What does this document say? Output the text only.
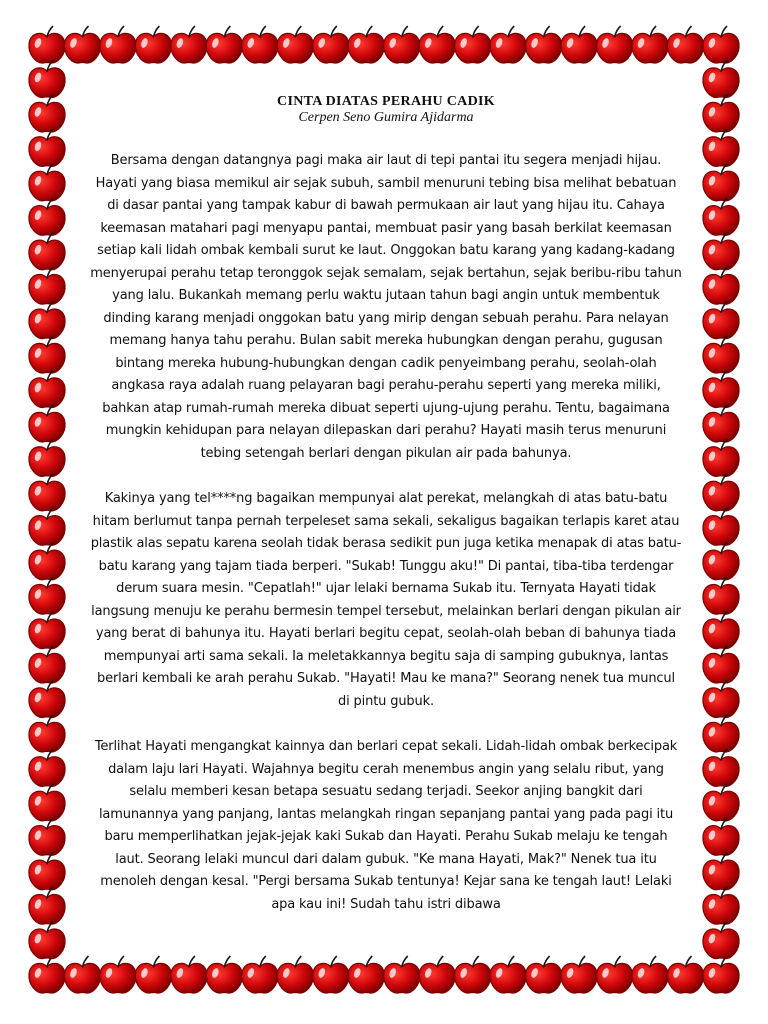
CINTA DIATAS PERAHU CADIK

Cerpen Seno Gumira Ajidarma

Bersama dengan datangnya pagi maka air laut di tepi pantai itu segera menjadi hijau. Hayati yang biasa memikul air sejak subuh, sambil menuruni tebing bisa melihat bebatuan di dasar pantai yang tampak kabur di bawah permukaan air laut yang hijau itu. Cahaya keemasan matahari pagi menyapu pantai, membuat pasir yang basah berkilat keemasan setiap kali lidah ombak kembali surut ke laut. Onggokan batu karang yang kadang-kadang menyerupai perahu tetap teronggok sejak semalam, sejak bertahun, sejak beribu-ribu tahun yang lalu. Bukankah memang perlu waktu jutaan tahun bagi angin untuk membentuk dinding karang menjadi onggokan batu yang mirip dengan sebuah perahu. Para nelayan memang hanya tahu perahu. Bulan sabit mereka hubungkan dengan perahu, gugusan bintang mereka hubung-hubungkan dengan cadik penyeimbang perahu, seolah-olah angkasa raya adalah ruang pelayaran bagi perahu-perahu seperti yang mereka miliki, bahkan atap rumah-rumah mereka dibuat seperti ujung-ujung perahu. Tentu, bagaimana mungkin kehidupan para nelayan dilepaskan dari perahu? Hayati masih terus menuruni tebing setengah berlari dengan pikulan air pada bahunya.

Kakinya yang tel****ng bagaikan mempunyai alat perekat, melangkah di atas batu-batu hitam berlumut tanpa pernah terpeleset sama sekali, sekaligus bagaikan terlapis karet atau plastik alas sepatu karena seolah tidak berasa sedikit pun juga ketika menapak di atas batu-batu karang yang tajam tiada berperi. "Sukab! Tunggu aku!" Di pantai, tiba-tiba terdengar derum suara mesin. "Cepatlah!" ujar lelaki bernama Sukab itu. Ternyata Hayati tidak langsung menuju ke perahu bermesin tempel tersebut, melainkan berlari dengan pikulan air yang berat di bahunya itu. Hayati berlari begitu cepat, seolah-olah beban di bahunya tiada mempunyai arti sama sekali. Ia meletakkannya begitu saja di samping gubuknya, lantas berlari kembali ke arah perahu Sukab. "Hayati! Mau ke mana?" Seorang nenek tua muncul di pintu gubuk.

Terlihat Hayati mengangkat kainnya dan berlari cepat sekali. Lidah-lidah ombak berkecipak dalam laju lari Hayati. Wajahnya begitu cerah menembus angin yang selalu ribut, yang selalu memberi kesan betapa sesuatu sedang terjadi. Seekor anjing bangkit dari lamunannya yang panjang, lantas melangkah ringan sepanjang pantai yang pada pagi itu baru memperlihatkan jejak-jejak kaki Sukab dan Hayati. Perahu Sukab melaju ke tengah laut. Seorang lelaki muncul dari dalam gubuk. "Ke mana Hayati, Mak?" Nenek tua itu menoleh dengan kesal. "Pergi bersama Sukab tentunya! Kejar sana ke tengah laut! Lelaki apa kau ini! Sudah tahu istri dibawa
